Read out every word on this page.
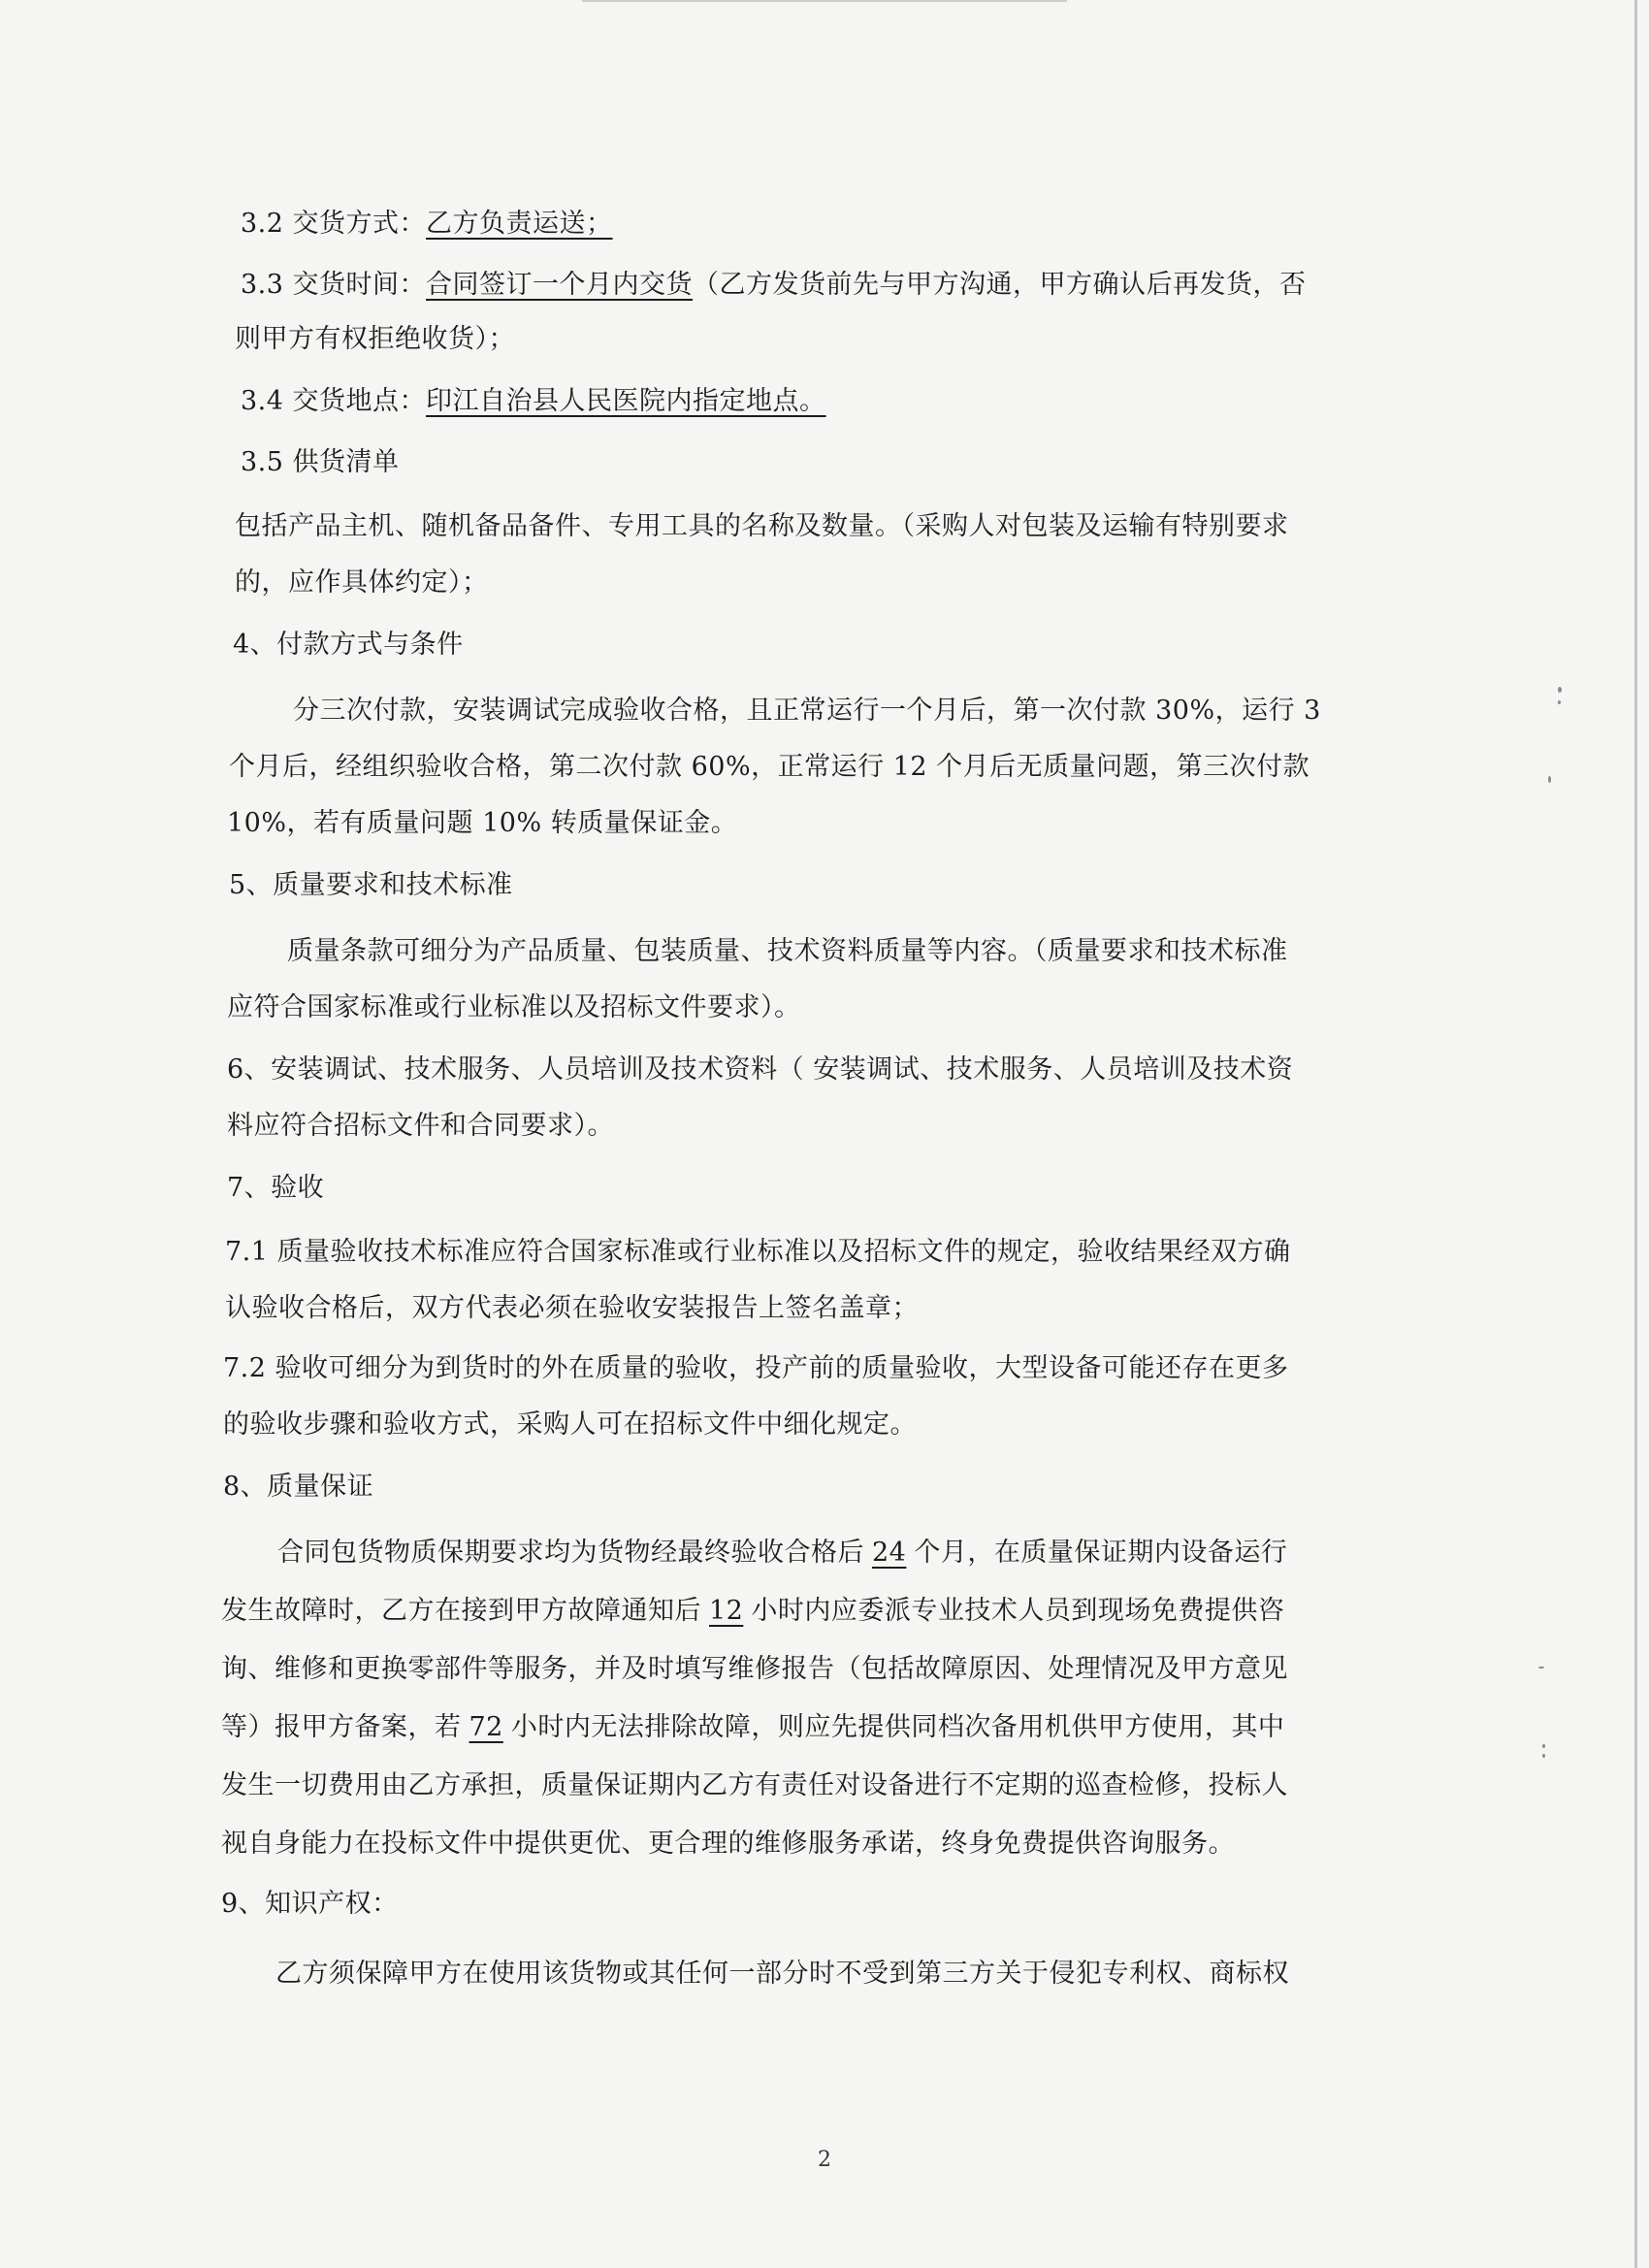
3.2 交货方式：乙方负责运送；

3.3 交货时间：合同签订一个月内交货（乙方发货前先与甲方沟通，甲方确认后再发货，否

则甲方有权拒绝收货）；

3.4 交货地点：印江自治县人民医院内指定地点。

3.5 供货清单

包括产品主机、随机备品备件、专用工具的名称及数量。（采购人对包装及运输有特别要求

的，应作具体约定）；

4、付款方式与条件

分三次付款，安装调试完成验收合格，且正常运行一个月后，第一次付款 30%，运行 3

个月后，经组织验收合格，第二次付款 60%，正常运行 12 个月后无质量问题，第三次付款

10%，若有质量问题 10% 转质量保证金。

5、质量要求和技术标准

质量条款可细分为产品质量、包装质量、技术资料质量等内容。（质量要求和技术标准

应符合国家标准或行业标准以及招标文件要求）。

6、安装调试、技术服务、人员培训及技术资料（ 安装调试、技术服务、人员培训及技术资

料应符合招标文件和合同要求）。

7、验收

7.1 质量验收技术标准应符合国家标准或行业标准以及招标文件的规定，验收结果经双方确

认验收合格后，双方代表必须在验收安装报告上签名盖章；

7.2 验收可细分为到货时的外在质量的验收，投产前的质量验收，大型设备可能还存在更多

的验收步骤和验收方式，采购人可在招标文件中细化规定。

8、质量保证

合同包货物质保期要求均为货物经最终验收合格后 24 个月，在质量保证期内设备运行

发生故障时，乙方在接到甲方故障通知后 12 小时内应委派专业技术人员到现场免费提供咨

询、维修和更换零部件等服务，并及时填写维修报告（包括故障原因、处理情况及甲方意见

等）报甲方备案，若 72 小时内无法排除故障，则应先提供同档次备用机供甲方使用，其中

发生一切费用由乙方承担，质量保证期内乙方有责任对设备进行不定期的巡查检修，投标人

视自身能力在投标文件中提供更优、更合理的维修服务承诺，终身免费提供咨询服务。

9、知识产权：

乙方须保障甲方在使用该货物或其任何一部分时不受到第三方关于侵犯专利权、商标权

2
